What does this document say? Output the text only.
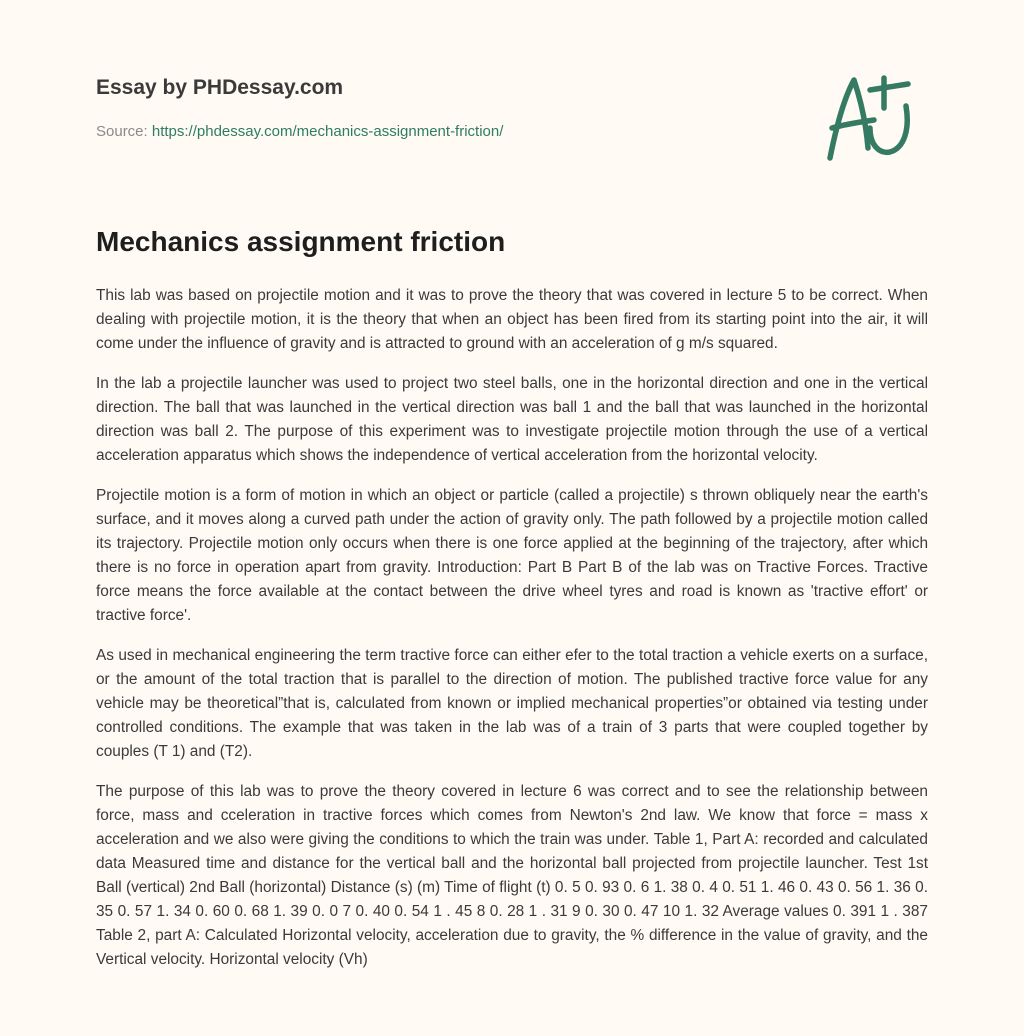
Essay by PHDessay.com
Source: https://phdessay.com/mechanics-assignment-friction/
Mechanics assignment friction

This lab was based on projectile motion and it was to prove the theory that was covered in lecture 5 to be correct. When dealing with projectile motion, it is the theory that when an object has been fired from its starting point into the air, it will come under the influence of gravity and is attracted to ground with an acceleration of g m/s squared.

In the lab a projectile launcher was used to project two steel balls, one in the horizontal direction and one in the vertical direction. The ball that was launched in the vertical direction was ball 1 and the ball that was launched in the horizontal direction was ball 2. The purpose of this experiment was to investigate projectile motion through the use of a vertical acceleration apparatus which shows the independence of vertical acceleration from the horizontal velocity.

Projectile motion is a form of motion in which an object or particle (called a projectile) s thrown obliquely near the earth's surface, and it moves along a curved path under the action of gravity only. The path followed by a projectile motion called its trajectory. Projectile motion only occurs when there is one force applied at the beginning of the trajectory, after which there is no force in operation apart from gravity. Introduction: Part B Part B of the lab was on Tractive Forces. Tractive force means the force available at the contact between the drive wheel tyres and road is known as 'tractive effort' or tractive force'.

As used in mechanical engineering the term tractive force can either efer to the total traction a vehicle exerts on a surface, or the amount of the total traction that is parallel to the direction of motion. The published tractive force value for any vehicle may be theoretical”that is, calculated from known or implied mechanical properties”or obtained via testing under controlled conditions. The example that was taken in the lab was of a train of 3 parts that were coupled together by couples (T 1) and (T2).

The purpose of this lab was to prove the theory covered in lecture 6 was correct and to see the relationship between force, mass and cceleration in tractive forces which comes from Newton's 2nd law. We know that force = mass x acceleration and we also were giving the conditions to which the train was under. Table 1, Part A: recorded and calculated data Measured time and distance for the vertical ball and the horizontal ball projected from projectile launcher. Test 1st Ball (vertical) 2nd Ball (horizontal) Distance (s) (m) Time of flight (t) 0. 5 0. 93 0. 6 1. 38 0. 4 0. 51 1. 46 0. 43 0. 56 1. 36 0. 35 0. 57 1. 34 0. 60 0. 68 1. 39 0. 0 7 0. 40 0. 54 1 . 45 8 0. 28 1 . 31 9 0. 30 0. 47 10 1. 32 Average values 0. 391 1 . 387 Table 2, part A: Calculated Horizontal velocity, acceleration due to gravity, the % difference in the value of gravity, and the Vertical velocity. Horizontal velocity (Vh)
